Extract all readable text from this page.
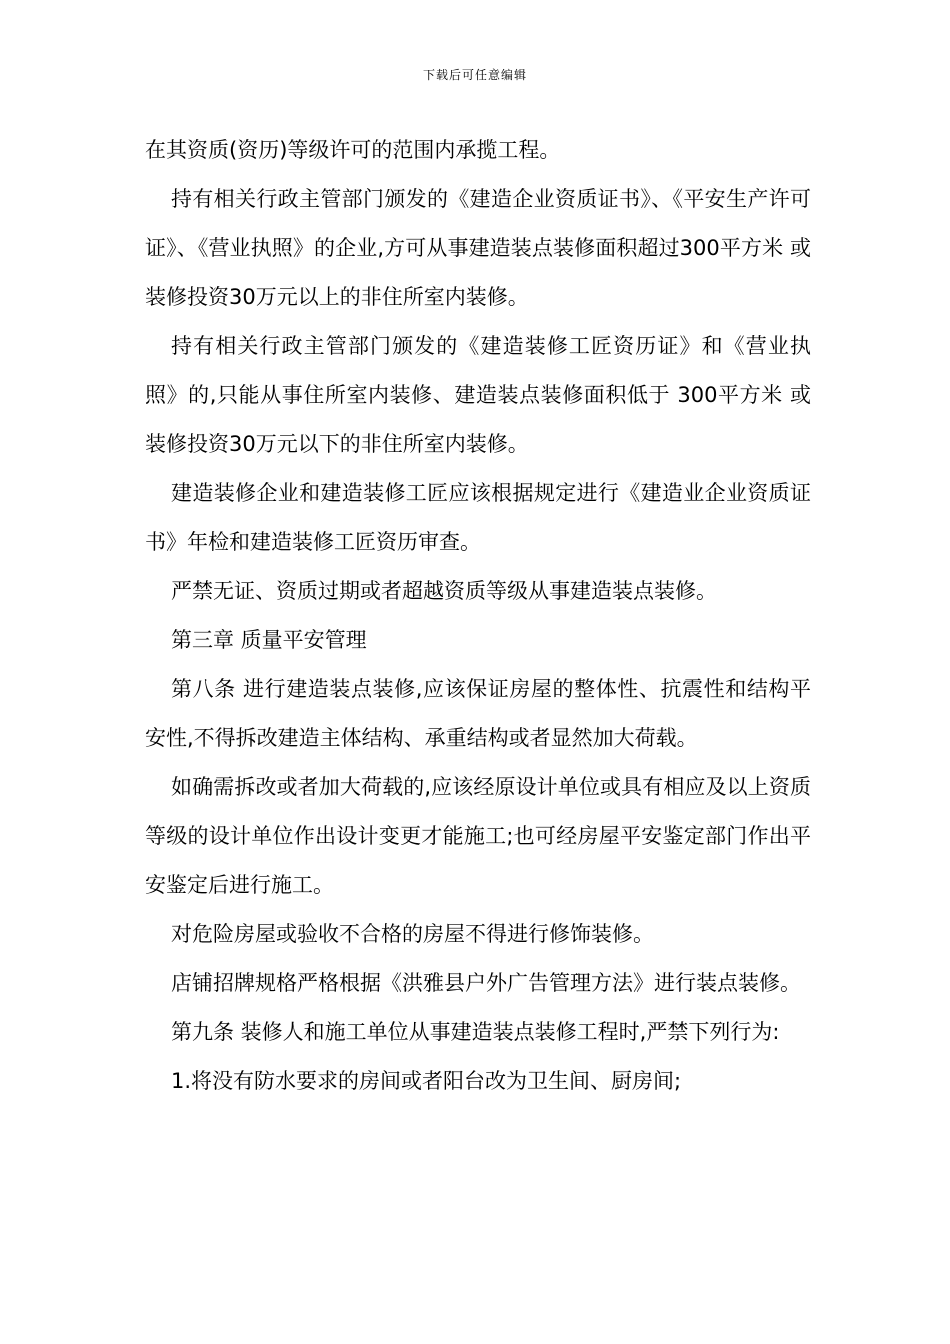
下载后可任意编辑

在其资质(资历)等级许可的范围内承揽工程。

持有相关行政主管部门颁发的《建造企业资质证书》、《平安生产许可证》、《营业执照》的企业,方可从事建造装点装修面积超过300平方米 或装修投资30万元以上的非住所室内装修。

持有相关行政主管部门颁发的《建造装修工匠资历证》和《营业执照》的,只能从事住所室内装修、建造装点装修面积低于 300平方米 或装修投资30万元以下的非住所室内装修。

建造装修企业和建造装修工匠应该根据规定进行《建造业企业资质证书》年检和建造装修工匠资历审查。

严禁无证、资质过期或者超越资质等级从事建造装点装修。

第三章 质量平安管理

第八条 进行建造装点装修,应该保证房屋的整体性、抗震性和结构平安性,不得拆改建造主体结构、承重结构或者显然加大荷载。

如确需拆改或者加大荷载的,应该经原设计单位或具有相应及以上资质等级的设计单位作出设计变更才能施工;也可经房屋平安鉴定部门作出平安鉴定后进行施工。

对危险房屋或验收不合格的房屋不得进行修饰装修。

店铺招牌规格严格根据《洪雅县户外广告管理方法》进行装点装修。

第九条 装修人和施工单位从事建造装点装修工程时,严禁下列行为:

1.将没有防水要求的房间或者阳台改为卫生间、厨房间;
